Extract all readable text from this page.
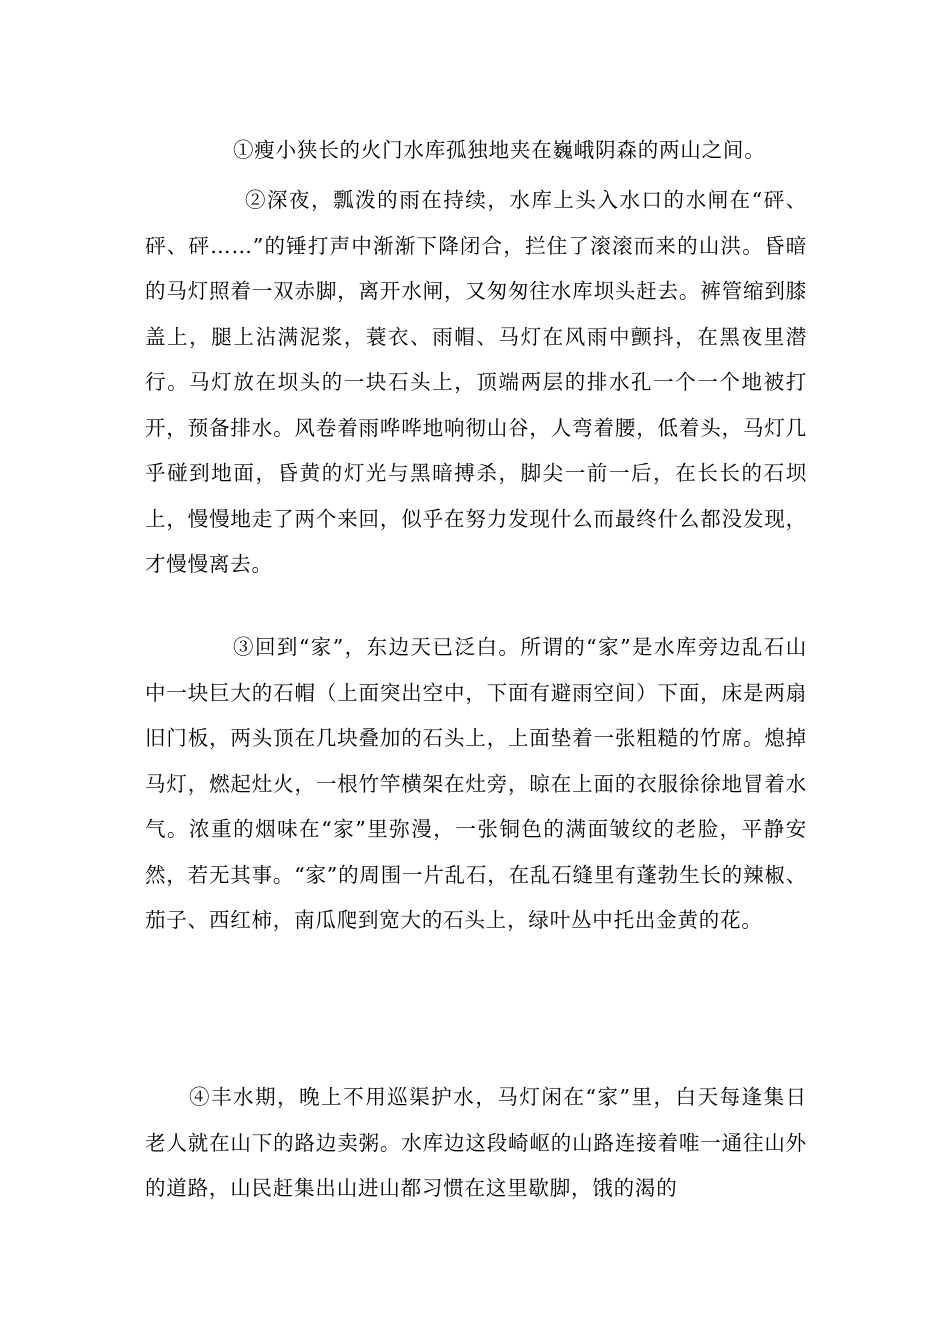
①瘦小狭长的火门水库孤独地夹在巍峨阴森的两山之间。

②深夜，瓢泼的雨在持续，水库上头入水口的水闸在“砰、砰、砰……”的锤打声中渐渐下降闭合，拦住了滚滚而来的山洪。昏暗的马灯照着一双赤脚，离开水闸，又匆匆往水库坝头赶去。裤管缩到膝盖上，腿上沾满泥浆，蓑衣、雨帽、马灯在风雨中颤抖，在黑夜里潜行。马灯放在坝头的一块石头上，顶端两层的排水孔一个一个地被打开，预备排水。风卷着雨哗哗地响彻山谷，人弯着腰，低着头，马灯几乎碰到地面，昏黄的灯光与黑暗搏杀，脚尖一前一后，在长长的石坝上，慢慢地走了两个来回，似乎在努力发现什么而最终什么都没发现，才慢慢离去。

③回到“家”，东边天已泛白。所谓的“家”是水库旁边乱石山中一块巨大的石帽（上面突出空中，下面有避雨空间）下面，床是两扇旧门板，两头顶在几块叠加的石头上，上面垫着一张粗糙的竹席。熄掉马灯，燃起灶火，一根竹竿横架在灶旁，晾在上面的衣服徐徐地冒着水气。浓重的烟味在“家”里弥漫，一张铜色的满面皱纹的老脸，平静安然，若无其事。“家”的周围一片乱石，在乱石缝里有蓬勃生长的辣椒、茄子、西红柿，南瓜爬到宽大的石头上，绿叶丛中托出金黄的花。

④丰水期，晚上不用巡渠护水，马灯闲在“家”里，白天每逢集日老人就在山下的路边卖粥。水库边这段崎岖的山路连接着唯一通往山外的道路，山民赶集出山进山都习惯在这里歇脚，饿的渴的
